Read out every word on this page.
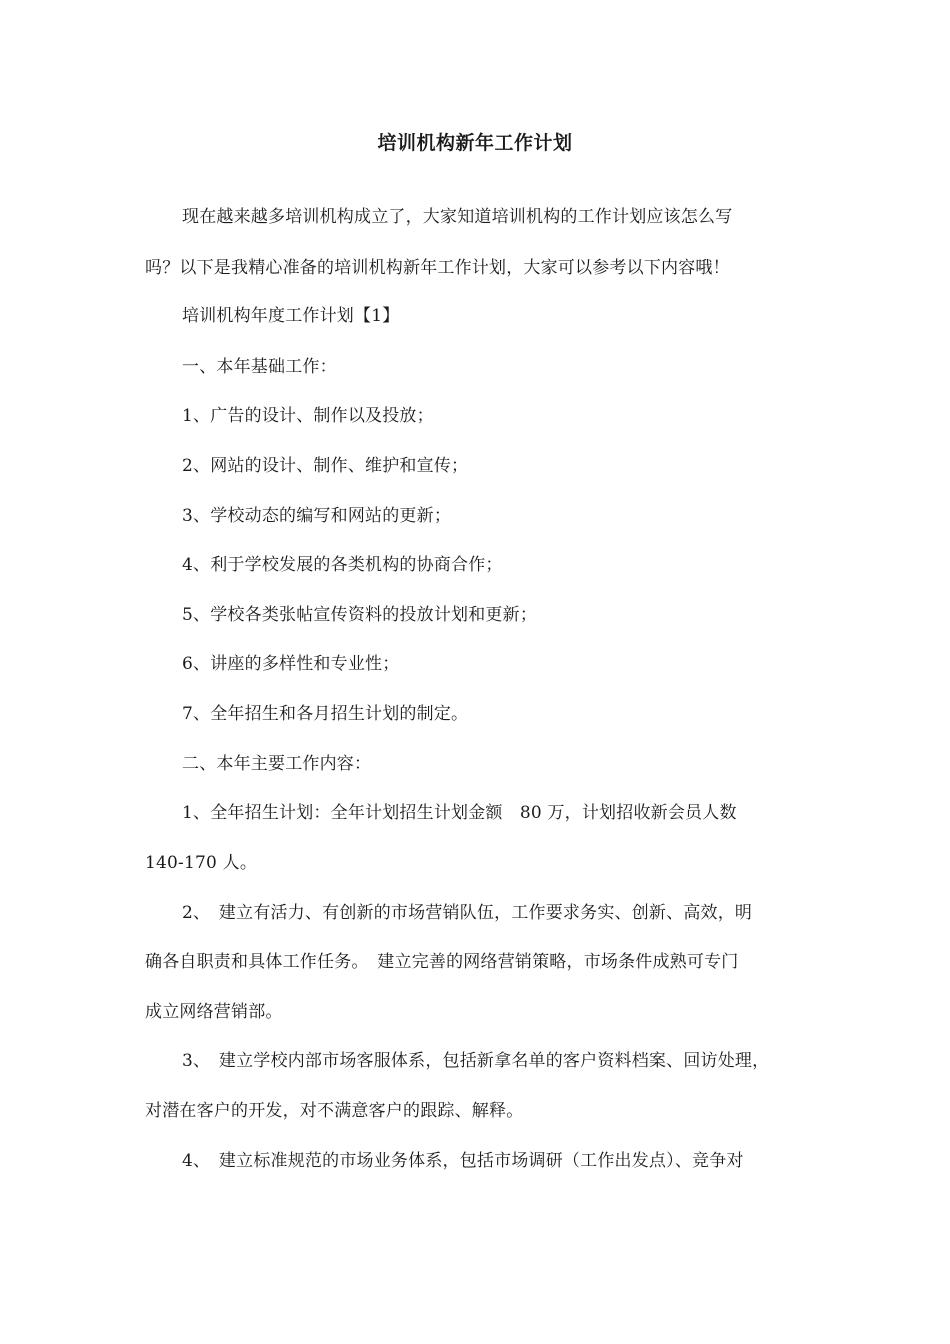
培训机构新年工作计划
现在越来越多培训机构成立了，大家知道培训机构的工作计划应该怎么写
吗？以下是我精心准备的培训机构新年工作计划，大家可以参考以下内容哦！
培训机构年度工作计划【1】
一、本年基础工作：
1、广告的设计、制作以及投放；
2、网站的设计、制作、维护和宣传；
3、学校动态的编写和网站的更新；
4、利于学校发展的各类机构的协商合作；
5、学校各类张帖宣传资料的投放计划和更新；
6、讲座的多样性和专业性；
7、全年招生和各月招生计划的制定。
二、本年主要工作内容：
1、全年招生计划：全年计划招生计划金额　80 万，计划招收新会员人数
140-170 人。
2、　建立有活力、有创新的市场营销队伍，工作要求务实、创新、高效，明
确各自职责和具体工作任务。　建立完善的网络营销策略，市场条件成熟可专门
成立网络营销部。
3、　建立学校内部市场客服体系，包括新拿名单的客户资料档案、回访处理，
对潜在客户的开发，对不满意客户的跟踪、解释。
4、　建立标准规范的市场业务体系，包括市场调研（工作出发点）、竞争对
